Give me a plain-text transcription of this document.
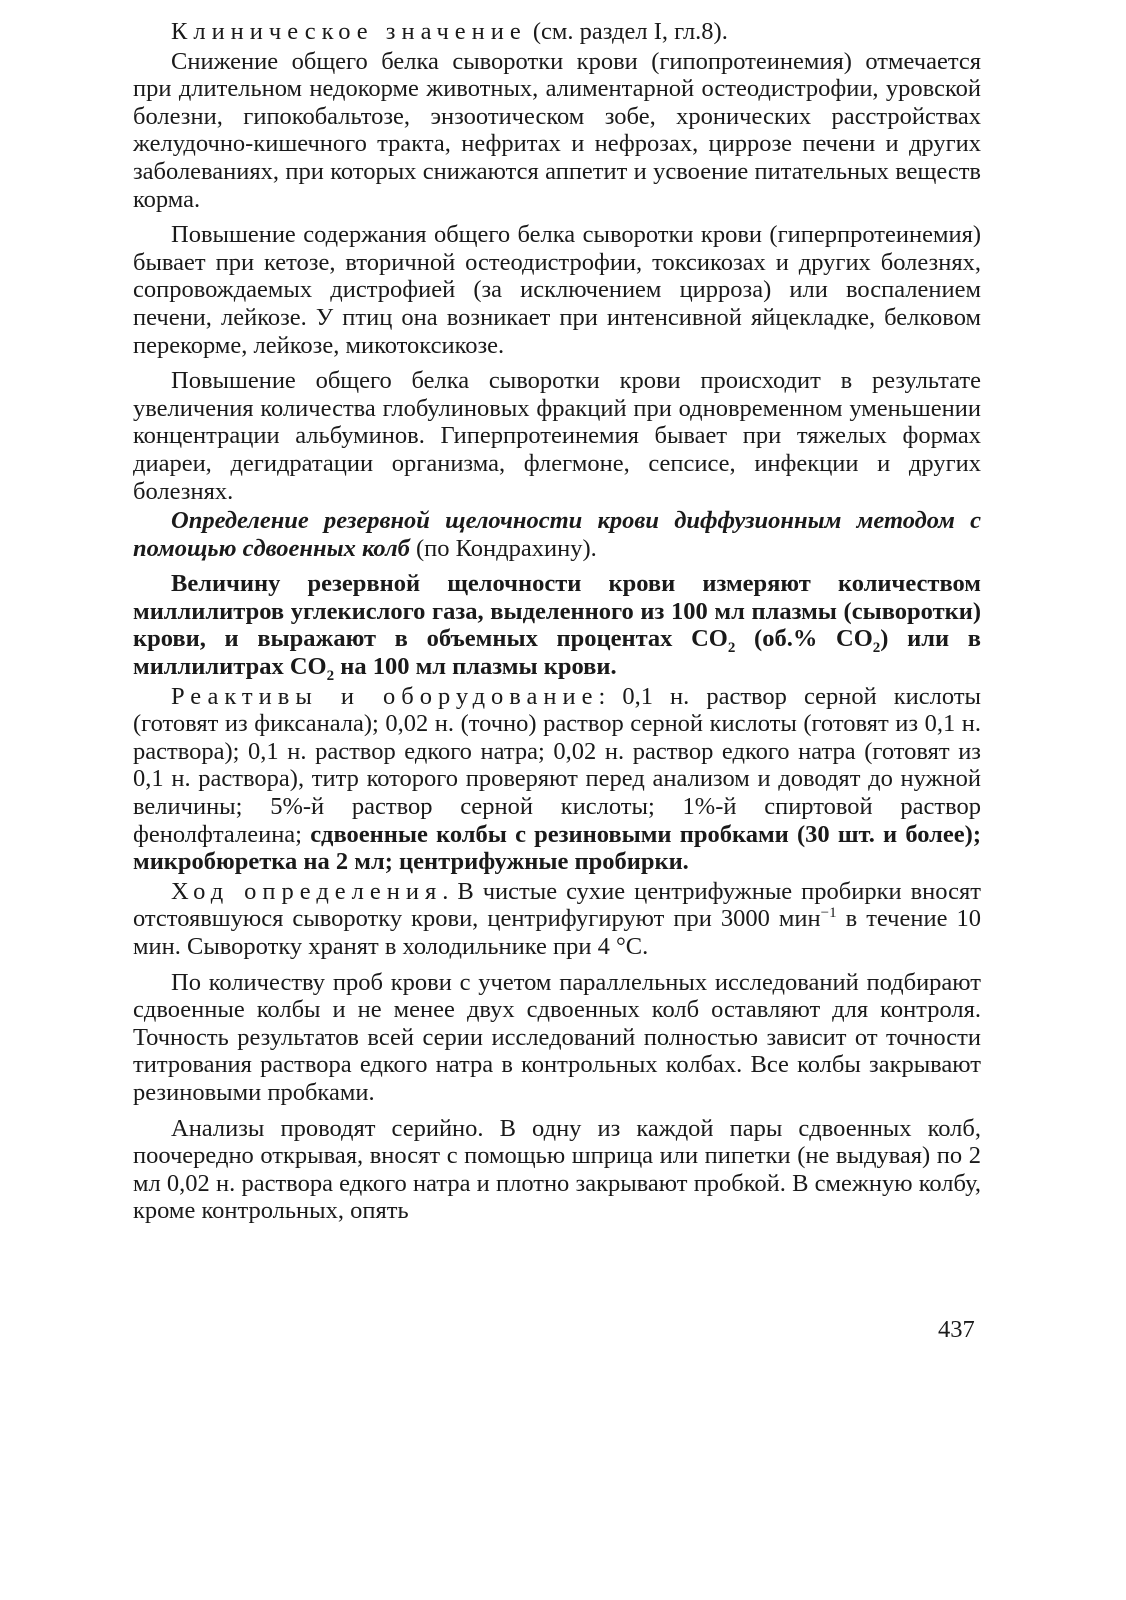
Клиническое значение (см. раздел I, гл.8).

Снижение общего белка сыворотки крови (гипопротеинемия) отмечается при длительном недокорме животных, алиментарной остеодистрофии, уровской болезни, гипокобальтозе, энзоотическом зобе, хронических расстройствах желудочно-кишечного тракта, нефритах и нефрозах, циррозе печени и других заболеваниях, при которых снижаются аппетит и усвоение питательных веществ корма.

Повышение содержания общего белка сыворотки крови (гиперпротеинемия) бывает при кетозе, вторичной остеодистрофии, токсикозах и других болезнях, сопровождаемых дистрофией (за исключением цирроза) или воспалением печени, лейкозе. У птиц она возникает при интенсивной яйцекладке, белковом перекорме, лейкозе, микотоксикозе.

Повышение общего белка сыворотки крови происходит в результате увеличения количества глобулиновых фракций при одновременном уменьшении концентрации альбуминов. Гиперпротеинемия бывает при тяжелых формах диареи, дегидратации организма, флегмоне, сепсисе, инфекции и других болезнях.

Определение резервной щелочности крови диффузионным методом с помощью сдвоенных колб (по Кондрахину).

Величину резервной щелочности крови измеряют количеством миллилитров углекислого газа, выделенного из 100 мл плазмы (сыворотки) крови, и выражают в объемных процентах $CO_2$ (об.% $CO_2$) или в миллилитрах $CO_2$ на 100 мл плазмы крови.

Реактивы и оборудование: 0,1 н. раствор серной кислоты (готовят из фиксанала); 0,02 н. (точно) раствор серной кислоты (готовят из 0,1 н. раствора); 0,1 н. раствор едкого натра; 0,02 н. раствор едкого натра (готовят из 0,1 н. раствора), титр которого проверяют перед анализом и доводят до нужной величины; 5%-й раствор серной кислоты; 1%-й спиртовой раствор фенолфталеина; сдвоенные колбы с резиновыми пробками (30 шт. и более); микробюретка на 2 мл; центрифужные пробирки.

Ход определения. В чистые сухие центрифужные пробирки вносят отстоявшуюся сыворотку крови, центрифугируют при 3000 мин$^{-1}$ в течение 10 мин. Сыворотку хранят в холодильнике при 4 °С.

По количеству проб крови с учетом параллельных исследований подбирают сдвоенные колбы и не менее двух сдвоенных колб оставляют для контроля. Точность результатов всей серии исследований полностью зависит от точности титрования раствора едкого натра в контрольных колбах. Все колбы закрывают резиновыми пробками.

Анализы проводят серийно. В одну из каждой пары сдвоенных колб, поочередно открывая, вносят с помощью шприца или пипетки (не выдувая) по 2 мл 0,02 н. раствора едкого натра и плотно закрывают пробкой. В смежную колбу, кроме контрольных, опять

437
